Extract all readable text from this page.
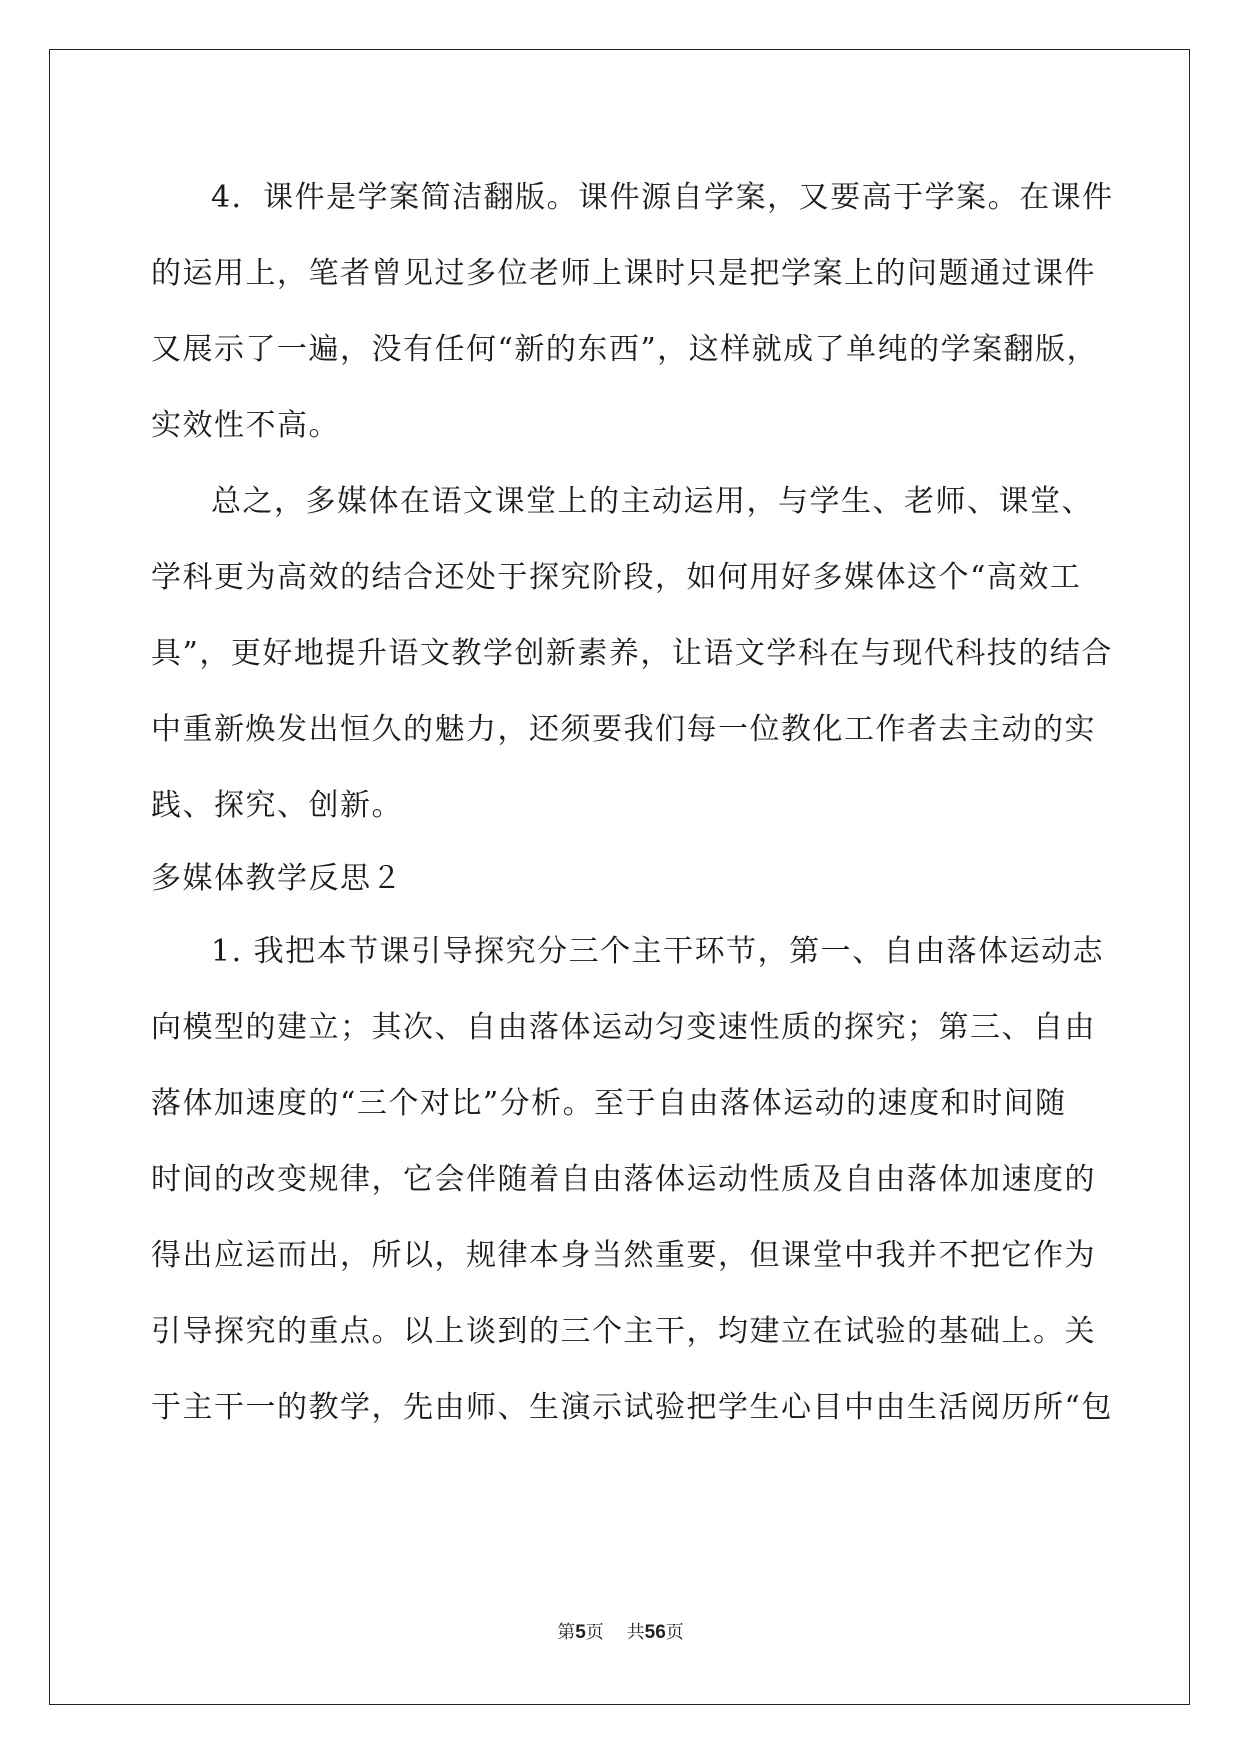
4．课件是学案简洁翻版。课件源自学案，又要高于学案。在课件
的运用上，笔者曾见过多位老师上课时只是把学案上的问题通过课件
又展示了一遍，没有任何“新的东西”，这样就成了单纯的学案翻版，
实效性不高。
总之，多媒体在语文课堂上的主动运用，与学生、老师、课堂、
学科更为高效的结合还处于探究阶段，如何用好多媒体这个“高效工
具”，更好地提升语文教学创新素养，让语文学科在与现代科技的结合
中重新焕发出恒久的魅力，还须要我们每一位教化工作者去主动的实
践、探究、创新。
多媒体教学反思２
1. 我把本节课引导探究分三个主干环节，第一、自由落体运动志
向模型的建立；其次、自由落体运动匀变速性质的探究；第三、自由
落体加速度的“三个对比”分析。至于自由落体运动的速度和时间随
时间的改变规律，它会伴随着自由落体运动性质及自由落体加速度的
得出应运而出，所以，规律本身当然重要，但课堂中我并不把它作为
引导探究的重点。以上谈到的三个主干，均建立在试验的基础上。关
于主干一的教学，先由师、生演示试验把学生心目中由生活阅历所“包
第5页 共56页
